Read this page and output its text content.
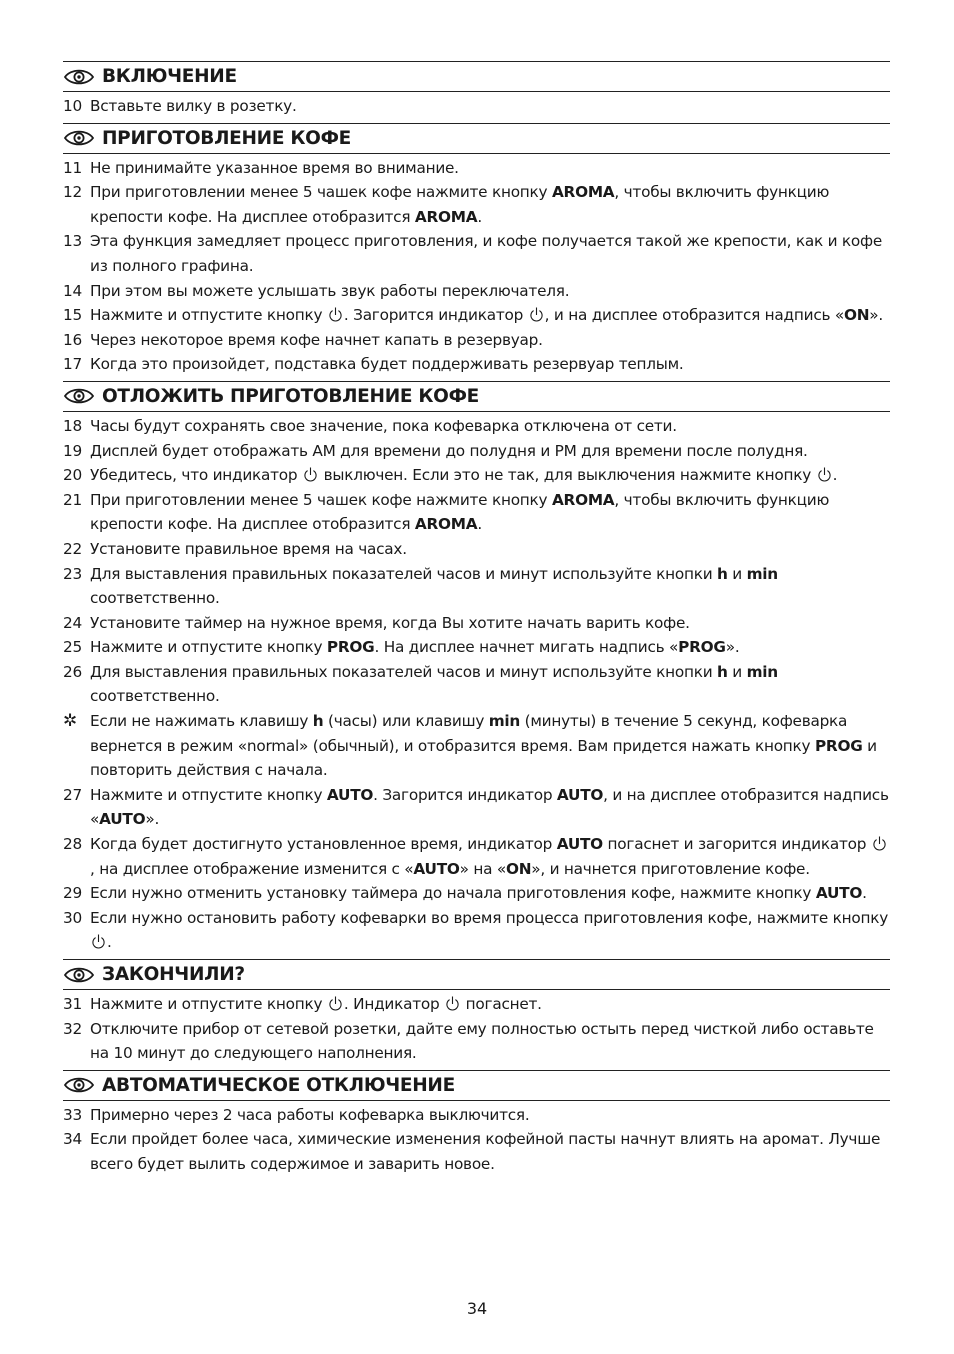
ВКЛЮЧЕНИЕ
10 Вставьте вилку в розетку.
ПРИГОТОВЛЕНИЕ КОФЕ
11 Не принимайте указанное время во внимание.
12 При приготовлении менее 5 чашек кофе нажмите кнопку AROMA, чтобы включить функцию крепости кофе. На дисплее отобразится AROMA.
13 Эта функция замедляет процесс приготовления, и кофе получается такой же крепости, как и кофе из полного графина.
14 При этом вы можете услышать звук работы переключателя.
15 Нажмите и отпустите кнопку . Загорится индикатор , и на дисплее отобразится надпись «ON».
16 Через некоторое время кофе начнет капать в резервуар.
17 Когда это произойдет, подставка будет поддерживать резервуар теплым.
ОТЛОЖИТЬ ПРИГОТОВЛЕНИЕ КОФЕ
18 Часы будут сохранять свое значение, пока кофеварка отключена от сети.
19 Дисплей будет отображать AM для времени до полудня и PM для времени после полудня.
20 Убедитесь, что индикатор  выключен. Если это не так, для выключения нажмите кнопку .
21 При приготовлении менее 5 чашек кофе нажмите кнопку AROMA, чтобы включить функцию крепости кофе. На дисплее отобразится AROMA.
22 Установите правильное время на часах.
23 Для выставления правильных показателей часов и минут используйте кнопки h и min соответственно.
24 Установите таймер на нужное время, когда Вы хотите начать варить кофе.
25 Нажмите и отпустите кнопку PROG. На дисплее начнет мигать надпись «PROG».
26 Для выставления правильных показателей часов и минут используйте кнопки h и min соответственно.
✲ Если не нажимать клавишу h (часы) или клавишу min (минуты) в течение 5 секунд, кофеварка вернется в режим «normal» (обычный), и отобразится время. Вам придется нажать кнопку PROG и повторить действия с начала.
27 Нажмите и отпустите кнопку AUTO. Загорится индикатор AUTO, и на дисплее отобразится надпись «AUTO».
28 Когда будет достигнуто установленное время, индикатор AUTO погаснет и загорится индикатор , на дисплее отображение изменится с «AUTO» на «ON», и начнется приготовление кофе.
29 Если нужно отменить установку таймера до начала приготовления кофе, нажмите кнопку AUTO.
30 Если нужно остановить работу кофеварки во время процесса приготовления кофе, нажмите кнопку .
ЗАКОНЧИЛИ?
31 Нажмите и отпустите кнопку . Индикатор  погаснет.
32 Отключите прибор от сетевой розетки, дайте ему полностью остыть перед чисткой либо оставьте на 10 минут до следующего наполнения.
АВТОМАТИЧЕСКОЕ ОТКЛЮЧЕНИЕ
33 Примерно через 2 часа работы кофеварка выключится.
34 Если пройдет более часа, химические изменения кофейной пасты начнут влиять на аромат. Лучше всего будет вылить содержимое и заварить новое.
34
